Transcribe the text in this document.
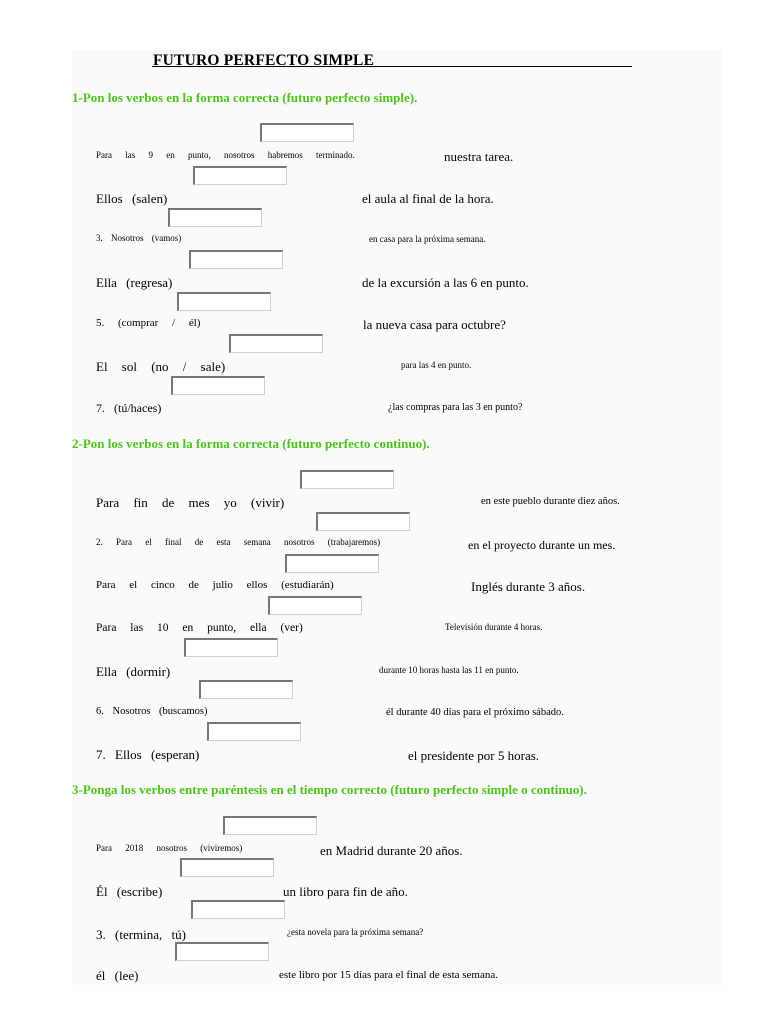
FUTURO PERFECTO SIMPLE
1-Pon los verbos en la forma correcta (futuro perfecto simple).
Para las 9 en punto, nosotros habremos terminado.	nuestra tarea.
Ellos (salen)	el aula al final de la hora.
3. Nosotros (vamos)	en casa para la próxima semana.
Ella (regresa)	de la excursión a las 6 en punto.
5. (comprar / él)	la nueva casa para octubre?
El sol (no / sale)	para las 4 en punto.
7. (tú/haces)	¿las compras para las 3 en punto?
2-Pon los verbos en la forma correcta (futuro perfecto continuo).
Para fin de mes yo (vivir)	en este pueblo durante diez años.
2. Para el final de esta semana nosotros (trabajaremos)	en el proyecto durante un mes.
Para el cinco de julio ellos (estudiarán)	Inglés durante 3 años.
Para las 10 en punto, ella (ver)	Televisión durante 4 horas.
Ella (dormir)	durante 10 horas hasta las 11 en punto.
6. Nosotros (buscamos)	él durante 40 días para el próximo sábado.
7. Ellos (esperan)	el presidente por 5 horas.
3-Ponga los verbos entre paréntesis en el tiempo correcto (futuro perfecto simple o continuo).
Para 2018 nosotros (viviremos)	en Madrid durante 20 años.
Él (escribe)	un libro para fin de año.
3. (termina, tú)	¿esta novela para la próxima semana?
él (lee)	este libro por 15 días para el final de esta semana.
